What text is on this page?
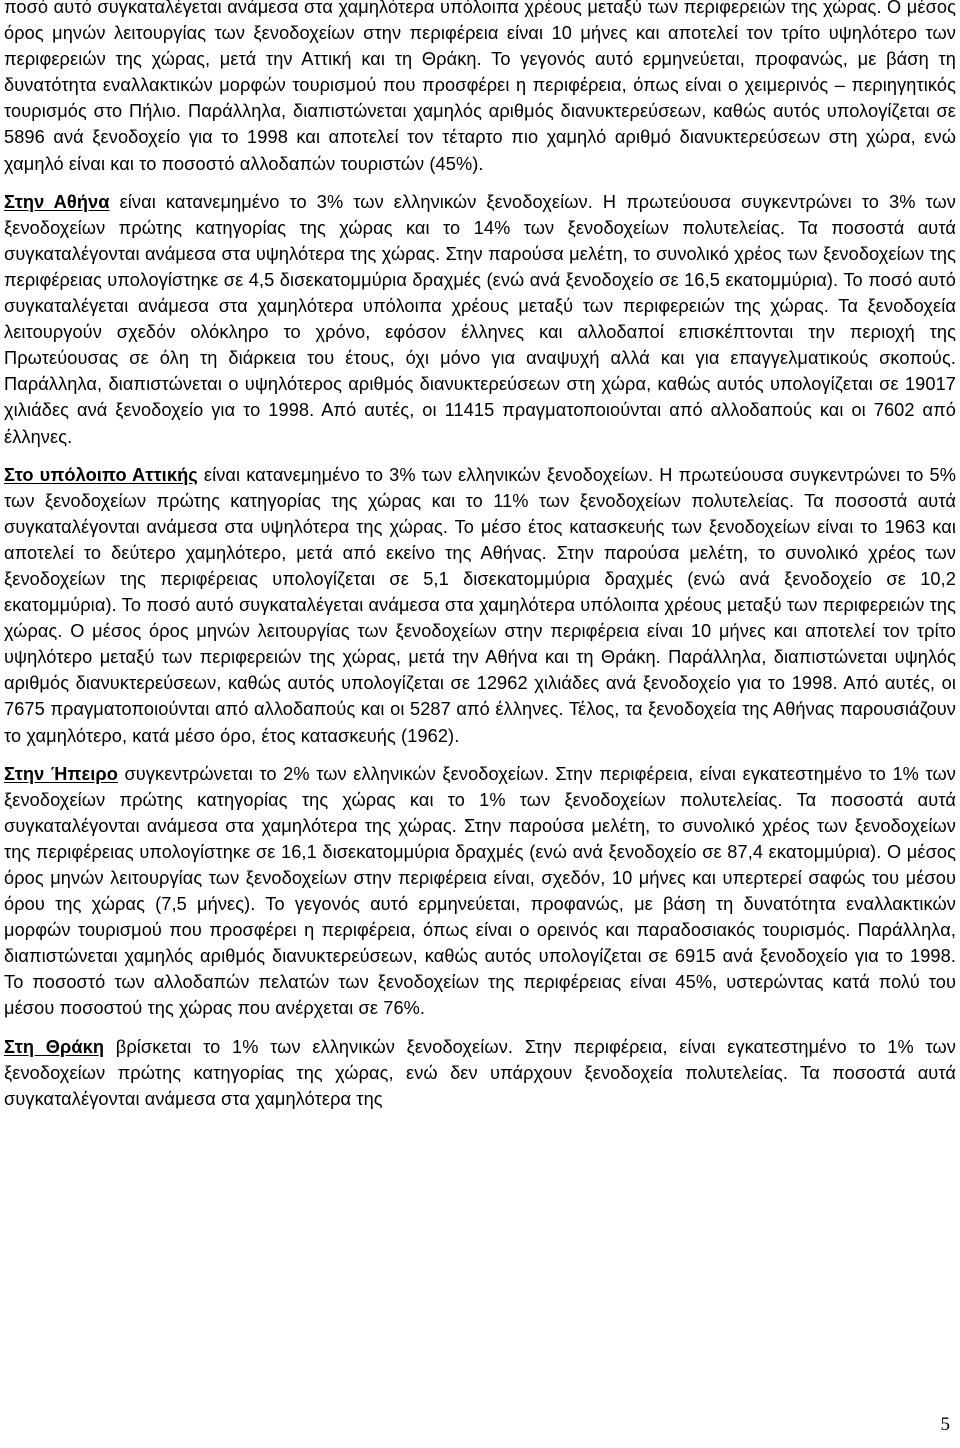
ποσό αυτό συγκαταλέγεται ανάμεσα στα χαμηλότερα υπόλοιπα χρέους μεταξύ των περιφερειών της χώρας. Ο μέσος όρος μηνών λειτουργίας των ξενοδοχείων στην περιφέρεια είναι 10 μήνες και αποτελεί τον τρίτο υψηλότερο των περιφερειών της χώρας, μετά την Αττική και τη Θράκη. Το γεγονός αυτό ερμηνεύεται, προφανώς, με βάση τη δυνατότητα εναλλακτικών μορφών τουρισμού που προσφέρει η περιφέρεια, όπως είναι ο χειμερινός – περιηγητικός τουρισμός στο Πήλιο. Παράλληλα, διαπιστώνεται χαμηλός αριθμός διανυκτερεύσεων, καθώς αυτός υπολογίζεται σε 5896 ανά ξενοδοχείο για το 1998 και αποτελεί τον τέταρτο πιο χαμηλό αριθμό διανυκτερεύσεων στη χώρα, ενώ χαμηλό είναι και το ποσοστό αλλοδαπών τουριστών (45%).

Στην Αθήνα είναι κατανεμημένο το 3% των ελληνικών ξενοδοχείων. Η πρωτεύουσα συγκεντρώνει το 3% των ξενοδοχείων πρώτης κατηγορίας της χώρας και το 14% των ξενοδοχείων πολυτελείας. Τα ποσοστά αυτά συγκαταλέγονται ανάμεσα στα υψηλότερα της χώρας. Στην παρούσα μελέτη, το συνολικό χρέος των ξενοδοχείων της περιφέρειας υπολογίστηκε σε 4,5 δισεκατομμύρια δραχμές (ενώ ανά ξενοδοχείο σε 16,5 εκατομμύρια). Το ποσό αυτό συγκαταλέγεται ανάμεσα στα χαμηλότερα υπόλοιπα χρέους μεταξύ των περιφερειών της χώρας. Τα ξενοδοχεία λειτουργούν σχεδόν ολόκληρο το χρόνο, εφόσον έλληνες και αλλοδαποί επισκέπτονται την περιοχή της Πρωτεύουσας σε όλη τη διάρκεια του έτους, όχι μόνο για αναψυχή αλλά και για επαγγελματικούς σκοπούς. Παράλληλα, διαπιστώνεται ο υψηλότερος αριθμός διανυκτερεύσεων στη χώρα, καθώς αυτός υπολογίζεται σε 19017 χιλιάδες ανά ξενοδοχείο για το 1998. Από αυτές, οι 11415 πραγματοποιούνται από αλλοδαπούς και οι 7602 από έλληνες.

Στο υπόλοιπο Αττικής είναι κατανεμημένο το 3% των ελληνικών ξενοδοχείων. Η πρωτεύουσα συγκεντρώνει το 5% των ξενοδοχείων πρώτης κατηγορίας της χώρας και το 11% των ξενοδοχείων πολυτελείας. Τα ποσοστά αυτά συγκαταλέγονται ανάμεσα στα υψηλότερα της χώρας. Το μέσο έτος κατασκευής των ξενοδοχείων είναι το 1963 και αποτελεί το δεύτερο χαμηλότερο, μετά από εκείνο της Αθήνας. Στην παρούσα μελέτη, το συνολικό χρέος των ξενοδοχείων της περιφέρειας υπολογίζεται σε 5,1 δισεκατομμύρια δραχμές (ενώ ανά ξενοδοχείο σε 10,2 εκατομμύρια). Το ποσό αυτό συγκαταλέγεται ανάμεσα στα χαμηλότερα υπόλοιπα χρέους μεταξύ των περιφερειών της χώρας. Ο μέσος όρος μηνών λειτουργίας των ξενοδοχείων στην περιφέρεια είναι 10 μήνες και αποτελεί τον τρίτο υψηλότερο μεταξύ των περιφερειών της χώρας, μετά την Αθήνα και τη Θράκη. Παράλληλα, διαπιστώνεται υψηλός αριθμός διανυκτερεύσεων, καθώς αυτός υπολογίζεται σε 12962 χιλιάδες ανά ξενοδοχείο για το 1998. Από αυτές, οι 7675 πραγματοποιούνται από αλλοδαπούς και οι 5287 από έλληνες. Τέλος, τα ξενοδοχεία της Αθήνας παρουσιάζουν το χαμηλότερο, κατά μέσο όρο, έτος κατασκευής (1962).

Στην Ήπειρο συγκεντρώνεται το 2% των ελληνικών ξενοδοχείων. Στην περιφέρεια, είναι εγκατεστημένο το 1% των ξενοδοχείων πρώτης κατηγορίας της χώρας και το 1% των ξενοδοχείων πολυτελείας. Τα ποσοστά αυτά συγκαταλέγονται ανάμεσα στα χαμηλότερα της χώρας. Στην παρούσα μελέτη, το συνολικό χρέος των ξενοδοχείων της περιφέρειας υπολογίστηκε σε 16,1 δισεκατομμύρια δραχμές (ενώ ανά ξενοδοχείο σε 87,4 εκατομμύρια). Ο μέσος όρος μηνών λειτουργίας των ξενοδοχείων στην περιφέρεια είναι, σχεδόν, 10 μήνες και υπερτερεί σαφώς του μέσου όρου της χώρας (7,5 μήνες). Το γεγονός αυτό ερμηνεύεται, προφανώς, με βάση τη δυνατότητα εναλλακτικών μορφών τουρισμού που προσφέρει η περιφέρεια, όπως είναι ο ορεινός και παραδοσιακός τουρισμός. Παράλληλα, διαπιστώνεται χαμηλός αριθμός διανυκτερεύσεων, καθώς αυτός υπολογίζεται σε 6915 ανά ξενοδοχείο για το 1998. Το ποσοστό των αλλοδαπών πελατών των ξενοδοχείων της περιφέρειας είναι 45%, υστερώντας κατά πολύ του μέσου ποσοστού της χώρας που ανέρχεται σε 76%.

Στη Θράκη βρίσκεται το 1% των ελληνικών ξενοδοχείων. Στην περιφέρεια, είναι εγκατεστημένο το 1% των ξενοδοχείων πρώτης κατηγορίας της χώρας, ενώ δεν υπάρχουν ξενοδοχεία πολυτελείας. Τα ποσοστά αυτά συγκαταλέγονται ανάμεσα στα χαμηλότερα της

5
